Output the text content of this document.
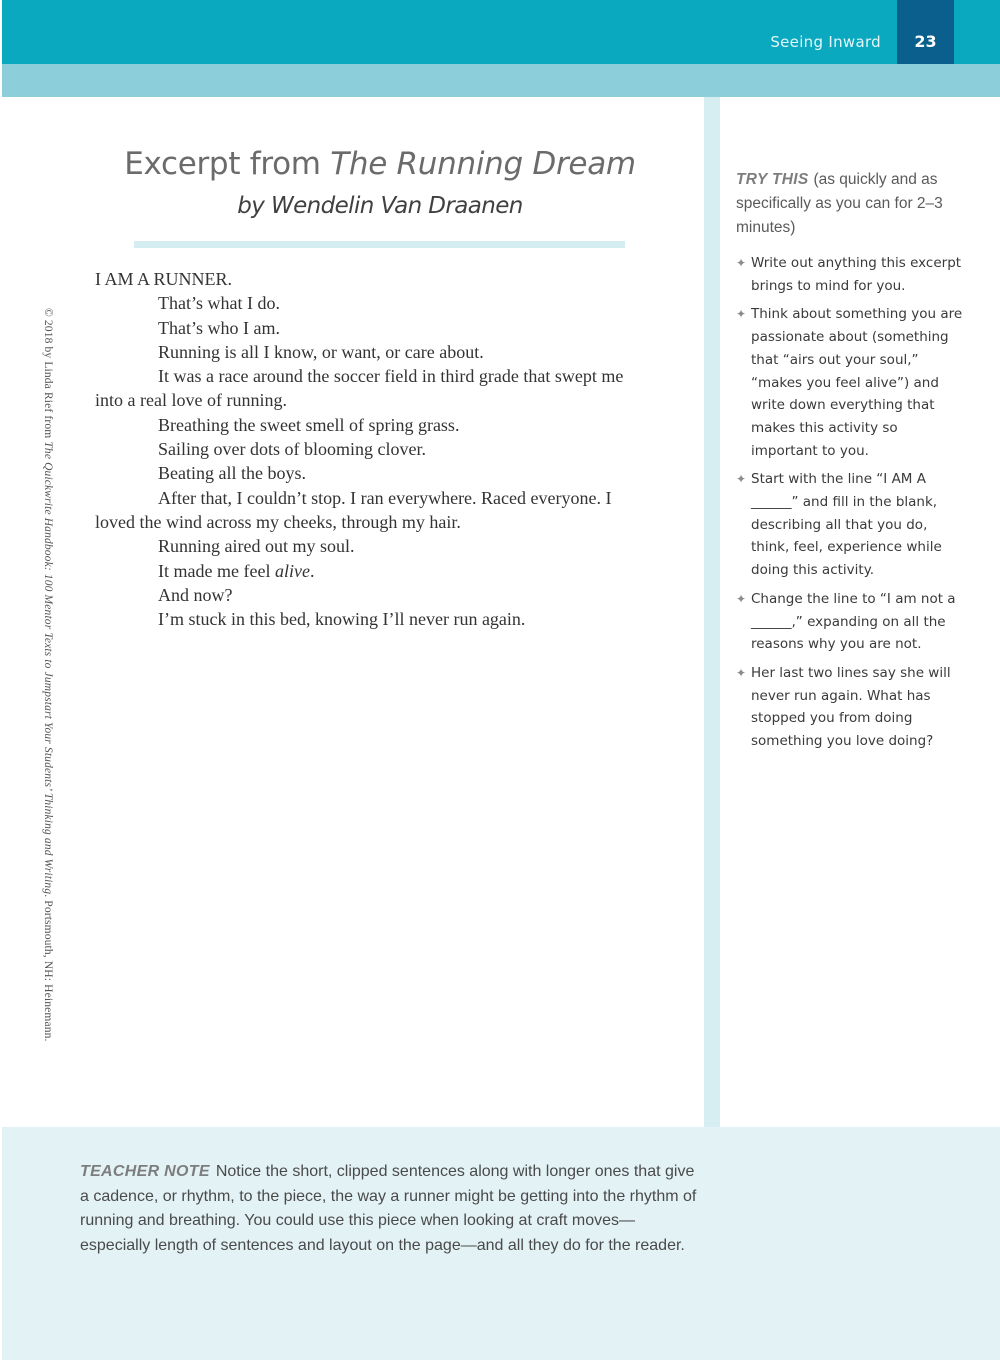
Seeing Inward	23
© 2018 by Linda Rief from The Quickwrite Handbook: 100 Mentor Texts to Jumpstart Your Students’ Thinking and Writing. Portsmouth, NH: Heinemann.
Excerpt from The Running Dream
by Wendelin Van Draanen

I AM A RUNNER.

That’s what I do.

That’s who I am.

Running is all I know, or want, or care about.

It was a race around the soccer field in third grade that swept me into a real love of running.

Breathing the sweet smell of spring grass.

Sailing over dots of blooming clover.

Beating all the boys.

After that, I couldn’t stop. I ran everywhere. Raced everyone. I loved the wind across my cheeks, through my hair.

Running aired out my soul.

It made me feel alive.

And now?

I’m stuck in this bed, knowing I’ll never run again.

TRY THIS (as quickly and as specifically as you can for 2–3 minutes)
✦ Write out anything this excerpt brings to mind for you.
✦ Think about something you are passionate about (something that “airs out your soul,” “makes you feel alive”) and write down everything that makes this activity so important to you.
✦ Start with the line “I AM A ______” and fill in the blank, describing all that you do, think, feel, experience while doing this activity.
✦ Change the line to “I am not a ______,” expanding on all the reasons why you are not.
✦ Her last two lines say she will never run again. What has stopped you from doing something you love doing?
TEACHER NOTE Notice the short, clipped sentences along with longer ones that give a cadence, or rhythm, to the piece, the way a runner might be getting into the rhythm of running and breathing. You could use this piece when looking at craft moves—especially length of sentences and layout on the page—and all they do for the reader.
